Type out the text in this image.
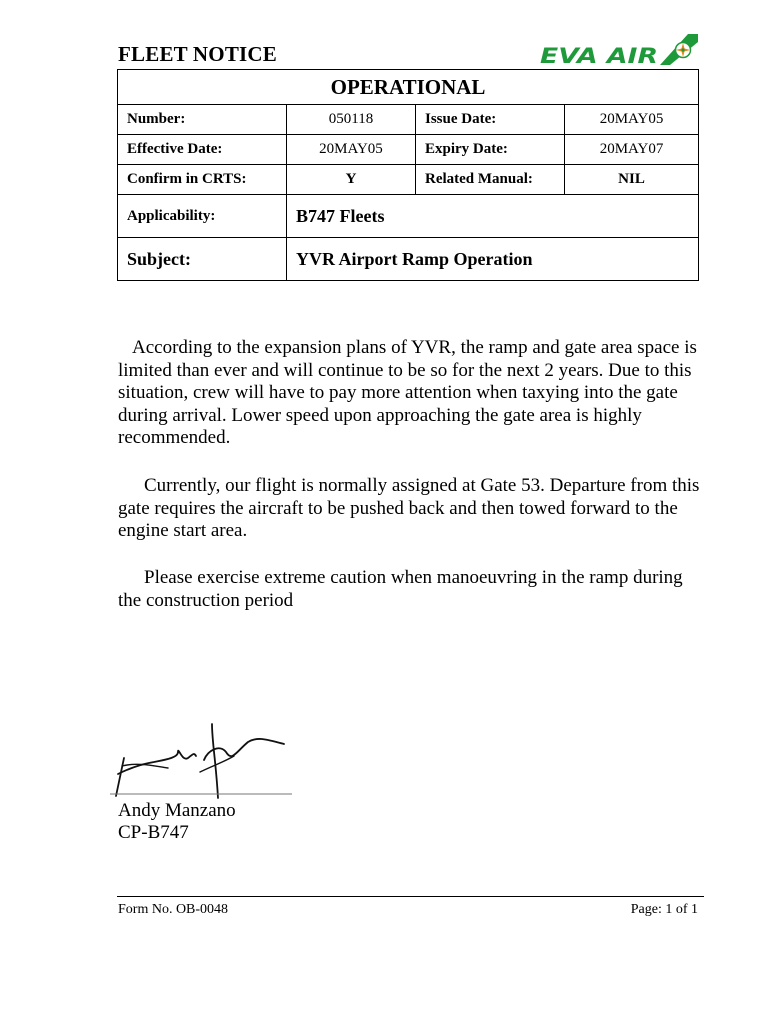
FLEET NOTICE	EVA AIR
OPERATIONAL			
Number:	050118	Issue Date:	20MAY05
Effective Date:	20MAY05	Expiry Date:	20MAY07
Confirm in CRTS:	Y	Related Manual:	NIL
Applicability:	B747 Fleets		
Subject:	YVR Airport Ramp Operation		

According to the expansion plans of YVR, the ramp and gate area space is limited than ever and will continue to be so for the next 2 years. Due to this situation, crew will have to pay more attention when taxying into the gate during arrival. Lower speed upon approaching the gate area is highly recommended.

Currently, our flight is normally assigned at Gate 53. Departure from this gate requires the aircraft to be pushed back and then towed forward to the engine start area.

Please exercise extreme caution when manoeuvring in the ramp during the construction period

Andy Manzano
CP-B747
Form No. OB-0048	Page: 1 of 1
